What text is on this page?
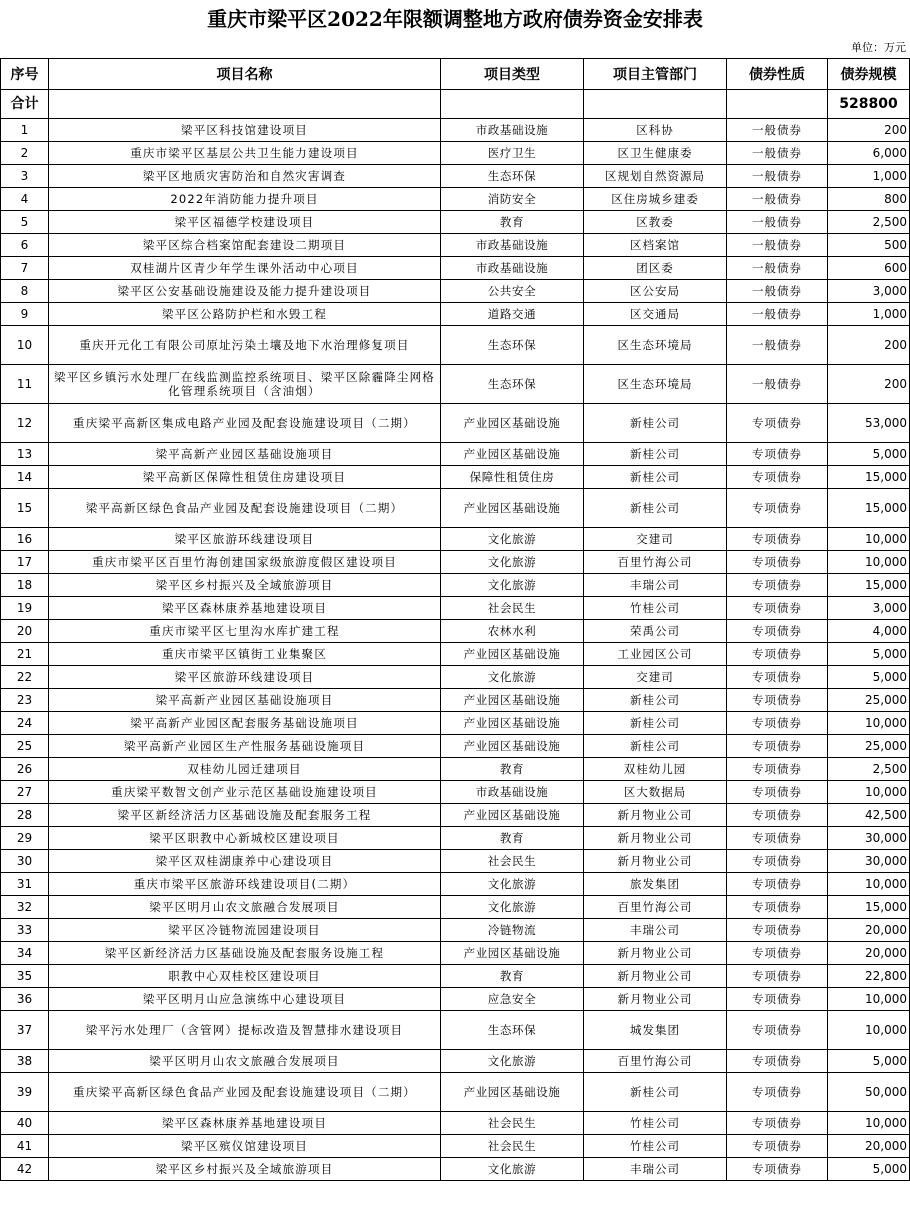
重庆市梁平区2022年限额调整地方政府债券资金安排表
单位：万元
序号	项目名称	项目类型	项目主管部门	债券性质	债券规模
合计					528800
1	梁平区科技馆建设项目	市政基础设施	区科协	一般债券	200
2	重庆市梁平区基层公共卫生能力建设项目	医疗卫生	区卫生健康委	一般债券	6,000
3	梁平区地质灾害防治和自然灾害调查	生态环保	区规划自然资源局	一般债券	1,000
4	2022年消防能力提升项目	消防安全	区住房城乡建委	一般债券	800
5	梁平区福德学校建设项目	教育	区教委	一般债券	2,500
6	梁平区综合档案馆配套建设二期项目	市政基础设施	区档案馆	一般债券	500
7	双桂湖片区青少年学生课外活动中心项目	市政基础设施	团区委	一般债券	600
8	梁平区公安基础设施建设及能力提升建设项目	公共安全	区公安局	一般债券	3,000
9	梁平区公路防护栏和水毁工程	道路交通	区交通局	一般债券	1,000
10	重庆开元化工有限公司原址污染土壤及地下水治理修复项目	生态环保	区生态环境局	一般债券	200
11	梁平区乡镇污水处理厂在线监测监控系统项目、梁平区除霾降尘网格化管理系统项目（含油烟）	生态环保	区生态环境局	一般债券	200
12	重庆梁平高新区集成电路产业园及配套设施建设项目（二期）	产业园区基础设施	新桂公司	专项债券	53,000
13	梁平高新产业园区基础设施项目	产业园区基础设施	新桂公司	专项债券	5,000
14	梁平高新区保障性租赁住房建设项目	保障性租赁住房	新桂公司	专项债券	15,000
15	梁平高新区绿色食品产业园及配套设施建设项目（二期）	产业园区基础设施	新桂公司	专项债券	15,000
16	梁平区旅游环线建设项目	文化旅游	交建司	专项债券	10,000
17	重庆市梁平区百里竹海创建国家级旅游度假区建设项目	文化旅游	百里竹海公司	专项债券	10,000
18	梁平区乡村振兴及全域旅游项目	文化旅游	丰瑞公司	专项债券	15,000
19	梁平区森林康养基地建设项目	社会民生	竹桂公司	专项债券	3,000
20	重庆市梁平区七里沟水库扩建工程	农林水利	荣禹公司	专项债券	4,000
21	重庆市梁平区镇街工业集聚区	产业园区基础设施	工业园区公司	专项债券	5,000
22	梁平区旅游环线建设项目	文化旅游	交建司	专项债券	5,000
23	梁平高新产业园区基础设施项目	产业园区基础设施	新桂公司	专项债券	25,000
24	梁平高新产业园区配套服务基础设施项目	产业园区基础设施	新桂公司	专项债券	10,000
25	梁平高新产业园区生产性服务基础设施项目	产业园区基础设施	新桂公司	专项债券	25,000
26	双桂幼儿园迁建项目	教育	双桂幼儿园	专项债券	2,500
27	重庆梁平数智文创产业示范区基础设施建设项目	市政基础设施	区大数据局	专项债券	10,000
28	梁平区新经济活力区基础设施及配套服务工程	产业园区基础设施	新月物业公司	专项债券	42,500
29	梁平区职教中心新城校区建设项目	教育	新月物业公司	专项债券	30,000
30	梁平区双桂湖康养中心建设项目	社会民生	新月物业公司	专项债券	30,000
31	重庆市梁平区旅游环线建设项目(二期）	文化旅游	旅发集团	专项债券	10,000
32	梁平区明月山农文旅融合发展项目	文化旅游	百里竹海公司	专项债券	15,000
33	梁平区冷链物流园建设项目	冷链物流	丰瑞公司	专项债券	20,000
34	梁平区新经济活力区基础设施及配套服务设施工程	产业园区基础设施	新月物业公司	专项债券	20,000
35	职教中心双桂校区建设项目	教育	新月物业公司	专项债券	22,800
36	梁平区明月山应急演练中心建设项目	应急安全	新月物业公司	专项债券	10,000
37	梁平污水处理厂（含管网）提标改造及智慧排水建设项目	生态环保	城发集团	专项债券	10,000
38	梁平区明月山农文旅融合发展项目	文化旅游	百里竹海公司	专项债券	5,000
39	重庆梁平高新区绿色食品产业园及配套设施建设项目（二期）	产业园区基础设施	新桂公司	专项债券	50,000
40	梁平区森林康养基地建设项目	社会民生	竹桂公司	专项债券	10,000
41	梁平区殡仪馆建设项目	社会民生	竹桂公司	专项债券	20,000
42	梁平区乡村振兴及全域旅游项目	文化旅游	丰瑞公司	专项债券	5,000
